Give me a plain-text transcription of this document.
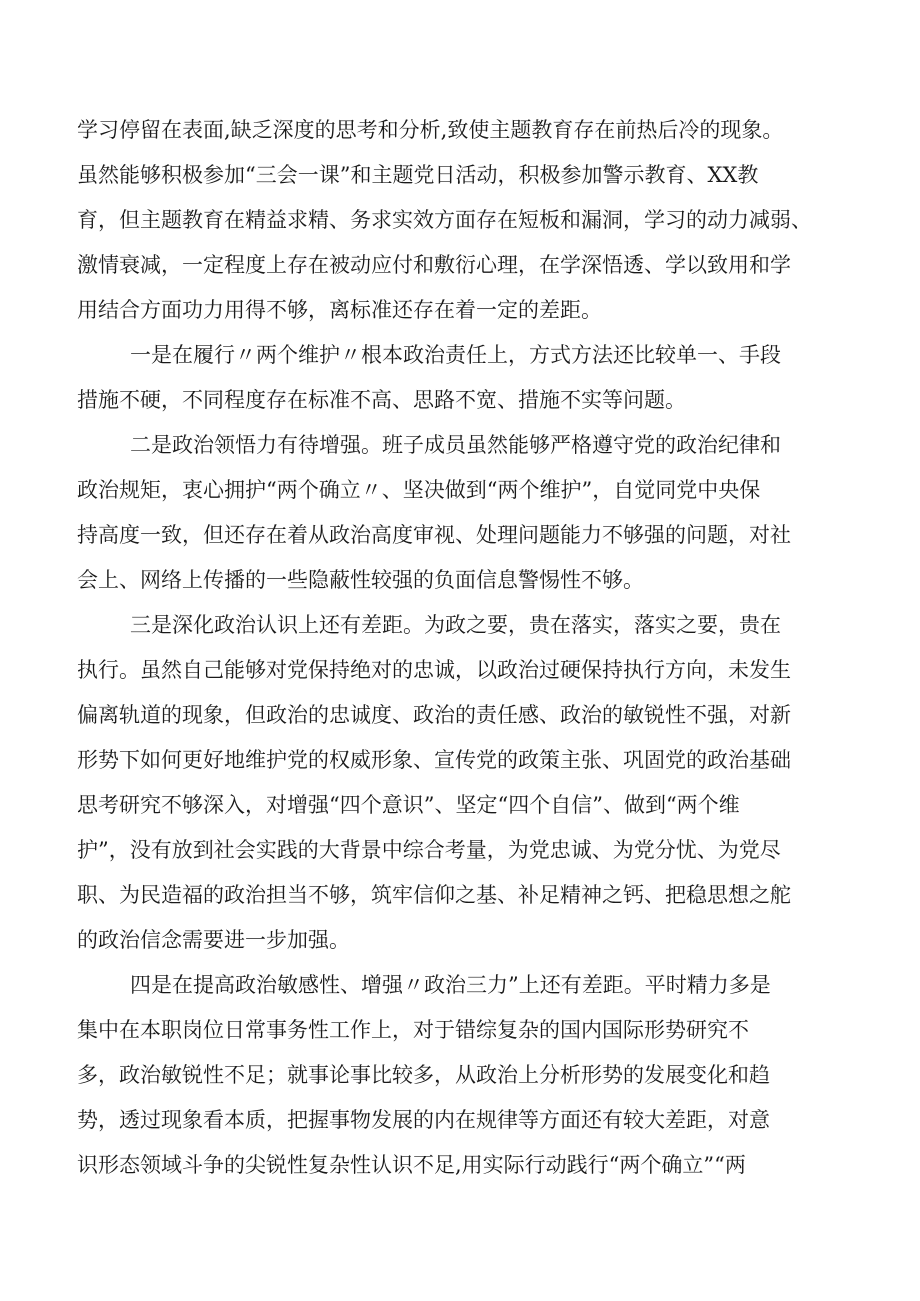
学习停留在表面,缺乏深度的思考和分析,致使主题教育存在前热后冷的现象。
虽然能够积极参加“三会一课”和主题党日活动，积极参加警示教育、XX教
育，但主题教育在精益求精、务求实效方面存在短板和漏洞，学习的动力减弱、
激情衰减，一定程度上存在被动应付和敷衍心理，在学深悟透、学以致用和学
用结合方面功力用得不够，离标准还存在着一定的差距。
一是在履行〃两个维护〃根本政治责任上，方式方法还比较单一、手段
措施不硬，不同程度存在标准不高、思路不宽、措施不实等问题。
二是政治领悟力有待增强。班子成员虽然能够严格遵守党的政治纪律和
政治规矩，衷心拥护“两个确立〃、坚决做到“两个维护”，自觉同党中央保
持高度一致，但还存在着从政治高度审视、处理问题能力不够强的问题，对社
会上、网络上传播的一些隐蔽性较强的负面信息警惕性不够。
三是深化政治认识上还有差距。为政之要，贵在落实，落实之要，贵在
执行。虽然自己能够对党保持绝对的忠诚，以政治过硬保持执行方向，未发生
偏离轨道的现象，但政治的忠诚度、政治的责任感、政治的敏锐性不强，对新
形势下如何更好地维护党的权威形象、宣传党的政策主张、巩固党的政治基础
思考研究不够深入，对增强“四个意识”、坚定“四个自信”、做到“两个维
护”，没有放到社会实践的大背景中综合考量，为党忠诚、为党分忧、为党尽
职、为民造福的政治担当不够，筑牢信仰之基、补足精神之钙、把稳思想之舵
的政治信念需要进一步加强。
四是在提高政治敏感性、增强〃政治三力”上还有差距。平时精力多是
集中在本职岗位日常事务性工作上，对于错综复杂的国内国际形势研究不
多，政治敏锐性不足；就事论事比较多，从政治上分析形势的发展变化和趋
势，透过现象看本质，把握事物发展的内在规律等方面还有较大差距，对意
识形态领域斗争的尖锐性复杂性认识不足,用实际行动践行“两个确立”“两
